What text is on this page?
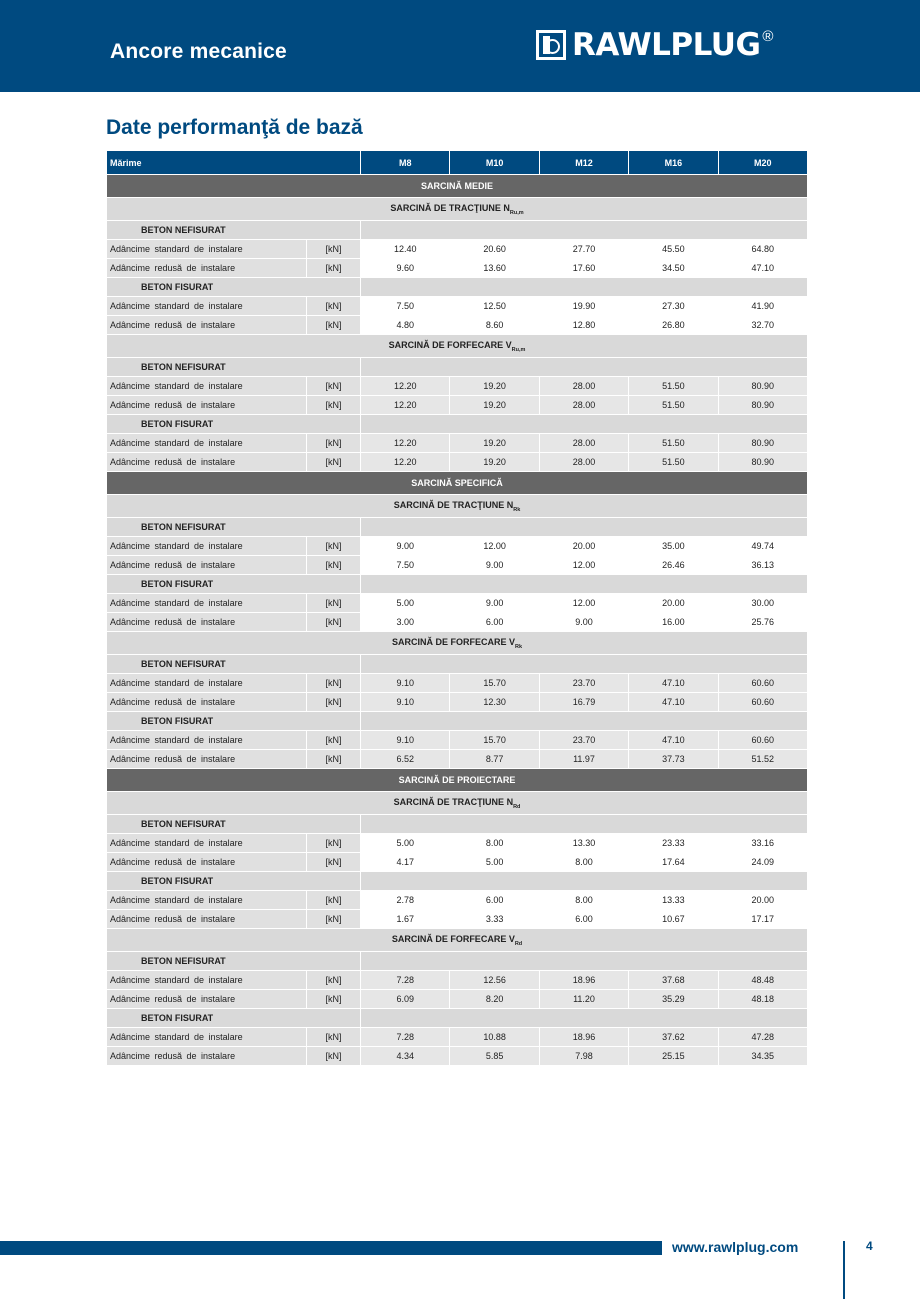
Ancore mecanice	RAWLPLUG ®
Date performanţă de bază
Mărime		M8	M10	M12	M16	M20
SARCINĂ MEDIE						
SARCINĂ DE TRACŢIUNE $N_{Ru,m}$
BETON NEFISURAT						
Adâncime standard de instalare	[kN]	12.40	20.60	27.70	45.50	64.80
Adâncime redusă de instalare	[kN]	9.60	13.60	17.60	34.50	47.10
BETON FISURAT						
Adâncime standard de instalare	[kN]	7.50	12.50	19.90	27.30	41.90
Adâncime redusă de instalare	[kN]	4.80	8.60	12.80	26.80	32.70
SARCINĂ DE FORFECARE $V_{Ru,m}$
BETON NEFISURAT						
Adâncime standard de instalare	[kN]	12.20	19.20	28.00	51.50	80.90
Adâncime redusă de instalare	[kN]	12.20	19.20	28.00	51.50	80.90
BETON FISURAT						
Adâncime standard de instalare	[kN]	12.20	19.20	28.00	51.50	80.90
Adâncime redusă de instalare	[kN]	12.20	19.20	28.00	51.50	80.90
SARCINĂ SPECIFICĂ						
SARCINĂ DE TRACŢIUNE $N_{Rk}$
BETON NEFISURAT						
Adâncime standard de instalare	[kN]	9.00	12.00	20.00	35.00	49.74
Adâncime redusă de instalare	[kN]	7.50	9.00	12.00	26.46	36.13
BETON FISURAT						
Adâncime standard de instalare	[kN]	5.00	9.00	12.00	20.00	30.00
Adâncime redusă de instalare	[kN]	3.00	6.00	9.00	16.00	25.76
SARCINĂ DE FORFECARE $V_{Rk}$
BETON NEFISURAT						
Adâncime standard de instalare	[kN]	9.10	15.70	23.70	47.10	60.60
Adâncime redusă de instalare	[kN]	9.10	12.30	16.79	47.10	60.60
BETON FISURAT						
Adâncime standard de instalare	[kN]	9.10	15.70	23.70	47.10	60.60
Adâncime redusă de instalare	[kN]	6.52	8.77	11.97	37.73	51.52
SARCINĂ DE PROIECTARE						
SARCINĂ DE TRACŢIUNE $N_{Rd}$
BETON NEFISURAT						
Adâncime standard de instalare	[kN]	5.00	8.00	13.30	23.33	33.16
Adâncime redusă de instalare	[kN]	4.17	5.00	8.00	17.64	24.09
BETON FISURAT						
Adâncime standard de instalare	[kN]	2.78	6.00	8.00	13.33	20.00
Adâncime redusă de instalare	[kN]	1.67	3.33	6.00	10.67	17.17
SARCINĂ DE FORFECARE $V_{Rd}$
BETON NEFISURAT						
Adâncime standard de instalare	[kN]	7.28	12.56	18.96	37.68	48.48
Adâncime redusă de instalare	[kN]	6.09	8.20	11.20	35.29	48.18
BETON FISURAT						
Adâncime standard de instalare	[kN]	7.28	10.88	18.96	37.62	47.28
Adâncime redusă de instalare	[kN]	4.34	5.85	7.98	25.15	34.35
www.rawlplug.com	4
